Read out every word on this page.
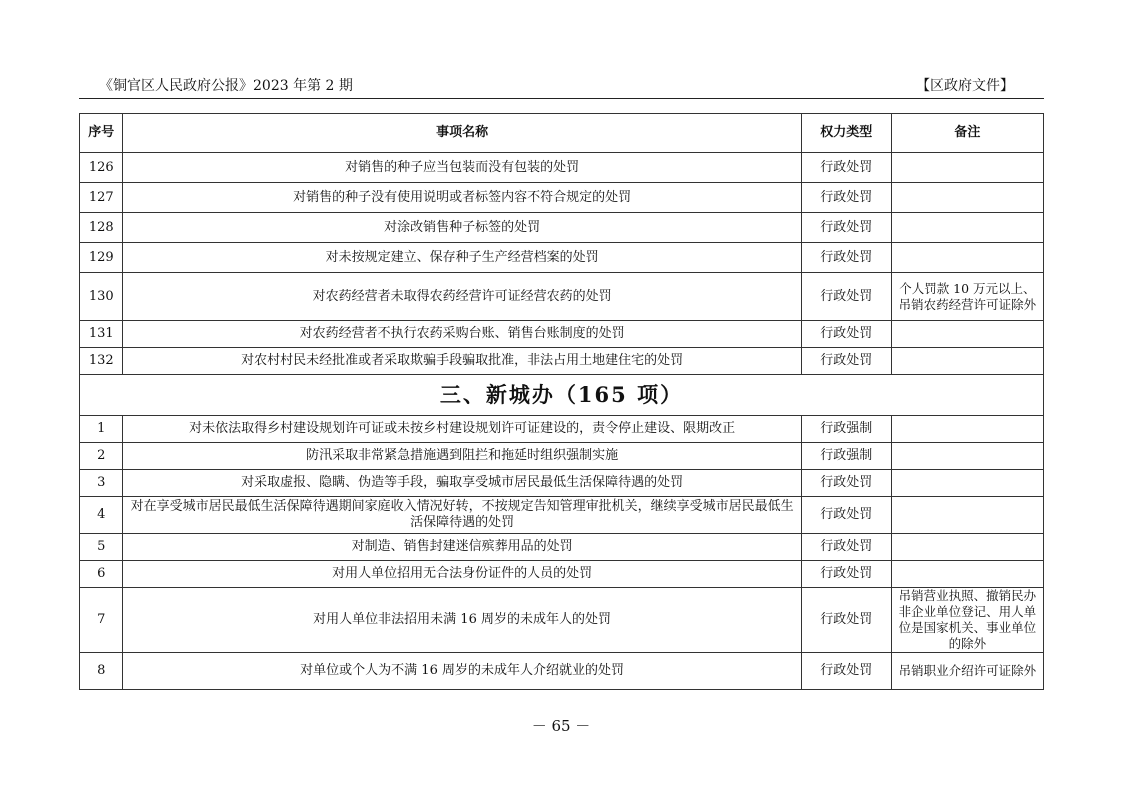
《铜官区人民政府公报》2023 年第 2 期	【区政府文件】
序号	事项名称	权力类型	备注
126	对销售的种子应当包装而没有包装的处罚	行政处罚	
127	对销售的种子没有使用说明或者标签内容不符合规定的处罚	行政处罚	
128	对涂改销售种子标签的处罚	行政处罚	
129	对未按规定建立、保存种子生产经营档案的处罚	行政处罚	
130	对农药经营者未取得农药经营许可证经营农药的处罚	行政处罚	个人罚款 10 万元以上、吊销农药经营许可证除外
131	对农药经营者不执行农药采购台账、销售台账制度的处罚	行政处罚	
132	对农村村民未经批准或者采取欺骗手段骗取批准，非法占用土地建住宅的处罚	行政处罚	
三、新城办（165 项）			
1	对未依法取得乡村建设规划许可证或未按乡村建设规划许可证建设的，责令停止建设、限期改正	行政强制	
2	防汛采取非常紧急措施遇到阻拦和拖延时组织强制实施	行政强制	
3	对采取虚报、隐瞒、伪造等手段，骗取享受城市居民最低生活保障待遇的处罚	行政处罚	
4	对在享受城市居民最低生活保障待遇期间家庭收入情况好转，不按规定告知管理审批机关，继续享受城市居民最低生活保障待遇的处罚	行政处罚	
5	对制造、销售封建迷信殡葬用品的处罚	行政处罚	
6	对用人单位招用无合法身份证件的人员的处罚	行政处罚	
7	对用人单位非法招用未满 16 周岁的未成年人的处罚	行政处罚	吊销营业执照、撤销民办非企业单位登记、用人单位是国家机关、事业单位的除外
8	对单位或个人为不满 16 周岁的未成年人介绍就业的处罚	行政处罚	吊销职业介绍许可证除外
－ 65 －
